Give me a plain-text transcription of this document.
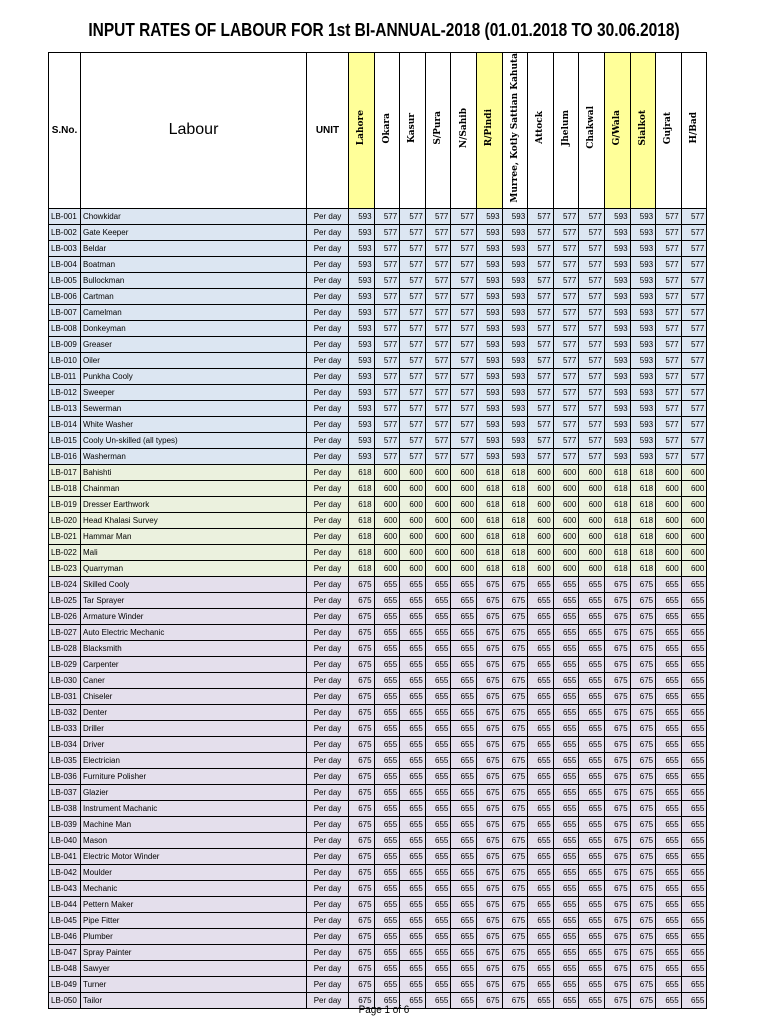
INPUT RATES OF LABOUR FOR 1st BI-ANNUAL-2018 (01.01.2018 TO 30.06.2018)
S.No.	Labour	UNIT	Lahore	Okara	Kasur	S/Pura	N/Sahib	R/Pindi	Murree, Kotly Sattian Kahuta	Attock	Jhelum	Chakwal	G/Wala	Sialkot	Gujrat	H/Bad
LB-001	Chowkidar	Per day	593	577	577	577	577	593	593	577	577	577	593	593	577	577
LB-002	Gate Keeper	Per day	593	577	577	577	577	593	593	577	577	577	593	593	577	577
LB-003	Beldar	Per day	593	577	577	577	577	593	593	577	577	577	593	593	577	577
LB-004	Boatman	Per day	593	577	577	577	577	593	593	577	577	577	593	593	577	577
LB-005	Bullockman	Per day	593	577	577	577	577	593	593	577	577	577	593	593	577	577
LB-006	Cartman	Per day	593	577	577	577	577	593	593	577	577	577	593	593	577	577
LB-007	Camelman	Per day	593	577	577	577	577	593	593	577	577	577	593	593	577	577
LB-008	Donkeyman	Per day	593	577	577	577	577	593	593	577	577	577	593	593	577	577
LB-009	Greaser	Per day	593	577	577	577	577	593	593	577	577	577	593	593	577	577
LB-010	Oiler	Per day	593	577	577	577	577	593	593	577	577	577	593	593	577	577
LB-011	Punkha Cooly	Per day	593	577	577	577	577	593	593	577	577	577	593	593	577	577
LB-012	Sweeper	Per day	593	577	577	577	577	593	593	577	577	577	593	593	577	577
LB-013	Sewerman	Per day	593	577	577	577	577	593	593	577	577	577	593	593	577	577
LB-014	White Washer	Per day	593	577	577	577	577	593	593	577	577	577	593	593	577	577
LB-015	Cooly Un-skilled (all types)	Per day	593	577	577	577	577	593	593	577	577	577	593	593	577	577
LB-016	Washerman	Per day	593	577	577	577	577	593	593	577	577	577	593	593	577	577
LB-017	Bahishti	Per day	618	600	600	600	600	618	618	600	600	600	618	618	600	600
LB-018	Chainman	Per day	618	600	600	600	600	618	618	600	600	600	618	618	600	600
LB-019	Dresser Earthwork	Per day	618	600	600	600	600	618	618	600	600	600	618	618	600	600
LB-020	Head Khalasi Survey	Per day	618	600	600	600	600	618	618	600	600	600	618	618	600	600
LB-021	Hammar Man	Per day	618	600	600	600	600	618	618	600	600	600	618	618	600	600
LB-022	Mali	Per day	618	600	600	600	600	618	618	600	600	600	618	618	600	600
LB-023	Quarryman	Per day	618	600	600	600	600	618	618	600	600	600	618	618	600	600
LB-024	Skilled Cooly	Per day	675	655	655	655	655	675	675	655	655	655	675	675	655	655
LB-025	Tar Sprayer	Per day	675	655	655	655	655	675	675	655	655	655	675	675	655	655
LB-026	Armature Winder	Per day	675	655	655	655	655	675	675	655	655	655	675	675	655	655
LB-027	Auto Electric Mechanic	Per day	675	655	655	655	655	675	675	655	655	655	675	675	655	655
LB-028	Blacksmith	Per day	675	655	655	655	655	675	675	655	655	655	675	675	655	655
LB-029	Carpenter	Per day	675	655	655	655	655	675	675	655	655	655	675	675	655	655
LB-030	Caner	Per day	675	655	655	655	655	675	675	655	655	655	675	675	655	655
LB-031	Chiseler	Per day	675	655	655	655	655	675	675	655	655	655	675	675	655	655
LB-032	Denter	Per day	675	655	655	655	655	675	675	655	655	655	675	675	655	655
LB-033	Driller	Per day	675	655	655	655	655	675	675	655	655	655	675	675	655	655
LB-034	Driver	Per day	675	655	655	655	655	675	675	655	655	655	675	675	655	655
LB-035	Electrician	Per day	675	655	655	655	655	675	675	655	655	655	675	675	655	655
LB-036	Furniture Polisher	Per day	675	655	655	655	655	675	675	655	655	655	675	675	655	655
LB-037	Glazier	Per day	675	655	655	655	655	675	675	655	655	655	675	675	655	655
LB-038	Instrument Machanic	Per day	675	655	655	655	655	675	675	655	655	655	675	675	655	655
LB-039	Machine Man	Per day	675	655	655	655	655	675	675	655	655	655	675	675	655	655
LB-040	Mason	Per day	675	655	655	655	655	675	675	655	655	655	675	675	655	655
LB-041	Electric Motor Winder	Per day	675	655	655	655	655	675	675	655	655	655	675	675	655	655
LB-042	Moulder	Per day	675	655	655	655	655	675	675	655	655	655	675	675	655	655
LB-043	Mechanic	Per day	675	655	655	655	655	675	675	655	655	655	675	675	655	655
LB-044	Pettern Maker	Per day	675	655	655	655	655	675	675	655	655	655	675	675	655	655
LB-045	Pipe Fitter	Per day	675	655	655	655	655	675	675	655	655	655	675	675	655	655
LB-046	Plumber	Per day	675	655	655	655	655	675	675	655	655	655	675	675	655	655
LB-047	Spray Painter	Per day	675	655	655	655	655	675	675	655	655	655	675	675	655	655
LB-048	Sawyer	Per day	675	655	655	655	655	675	675	655	655	655	675	675	655	655
LB-049	Turner	Per day	675	655	655	655	655	675	675	655	655	655	675	675	655	655
LB-050	Tailor	Per day	675	655	655	655	655	675	675	655	655	655	675	675	655	655
Page 1 of 6
